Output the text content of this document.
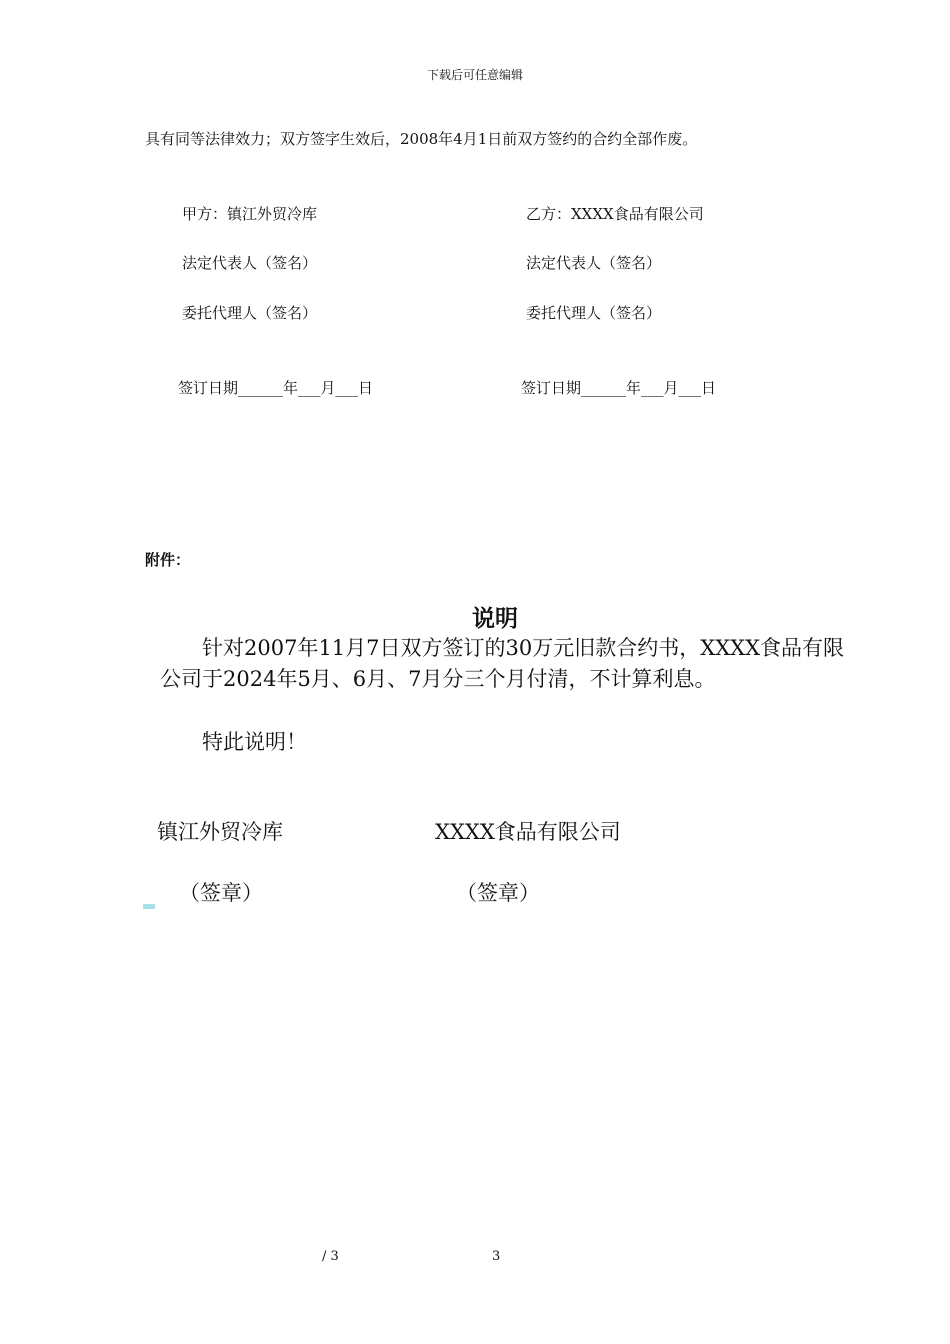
下载后可任意编辑
具有同等法律效力；双方签字生效后，2008年4月1日前双方签约的合约全部作废。
甲方：镇江外贸冷库	乙方：XXXX食品有限公司
法定代表人（签名）	法定代表人（签名）
委托代理人（签名）	委托代理人（签名）
签订日期______年___月___日	签订日期______年___月___日
附件：
说明
针对2007年11月7日双方签订的30万元旧款合约书，XXXX食品有限公司于2024年5月、6月、7月分三个月付清，不计算利息。
特此说明！
镇江外贸冷库	XXXX食品有限公司
（签章）	（签章）
/ 3	3
